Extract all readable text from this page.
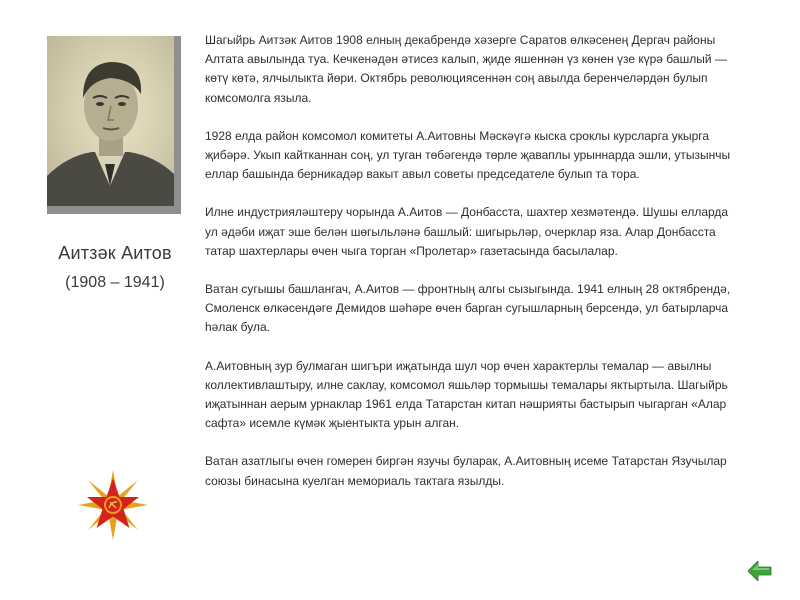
Аитзәк Аитов
(1908 – 1941)

Шагыйрь Аитзәк Аитов 1908 елның декабрендә хәзерге Саратов өлкәсенең Дергач районы Алтата авылында туа. Кечкенәдән әтисез калып, җиде яшеннән үз көнен үзе күрә башлый — көтү көтә, ялчылыкта йөри. Октябрь революциясеннән соң авылда беренчеләрдән булып комсомолга языла.

1928 елда район комсомол комитеты А.Аитовны Мәскәүгә кыска сроклы курсларга укырга җибәрә. Укып кайтканнан соң, ул туган төбәгендә төрле җаваплы урыннарда эшли, утызынчы еллар башында берникадәр вакыт авыл советы председателе булып та тора.

Илне индустрияләштеру чорында А.Аитов — Донбасста, шахтер хезмәтендә. Шушы елларда ул әдәби иҗат эше белән шөгыльләнә башлый: шигырьләр, очерклар яза. Алар Донбасста татар шахтерлары өчен чыга торган «Пролетар» газетасында басылалар.

Ватан сугышы башлангач, А.Аитов — фронтның алгы сызыгында. 1941 елның 28 октябрендә, Смоленск өлкәсендәге Демидов шәһәре өчен барган сугышларның берсендә, ул батырларча һәлак була.

А.Аитовның зур булмаган шигъри иҗатында шул чор өчен характерлы темалар — авылны коллективлаштыру, илне саклау, комсомол яшьләр тормышы темалары яктыртыла. Шагыйрь иҗатыннан аерым урнаклар 1961 елда Татарстан китап нәшрияты бастырып чыгарган «Алар сафта» исемле күмәк җыентыкта урын алган.

Ватан азатлыгы өчен гомерен биргән язучы буларак, А.Аитовның исеме Татарстан Язучылар союзы бинасына куелган мемориаль тактага язылды.
